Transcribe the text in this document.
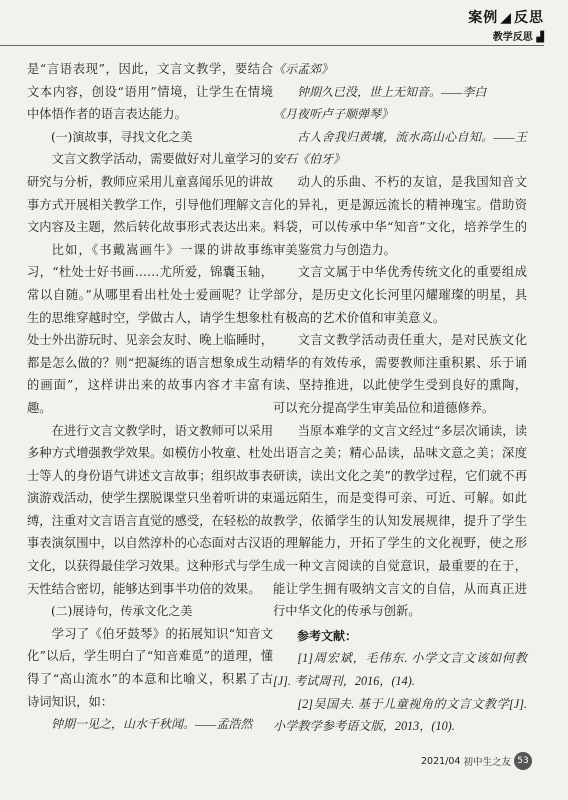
案例 ◢ 反思
教学反思 ▟

是“言语表现”，因此，文言文教学，要结合文本内容，创设“语用”情境，让学生在情境中体悟作者的语言表达能力。

(一)演故事，寻找文化之美

文言文教学活动，需要做好对儿童学习的研究与分析，教师应采用儿童喜闻乐见的讲故事方式开展相关教学工作，引导他们理解文言文内容及主题，然后转化故事形式表达出来。

比如，《书戴嵩画牛》一课的讲故事练习，“杜处士好书画……尤所爱，锦囊玉轴，常以自随。”从哪里看出杜处士爱画呢？让学生的思维穿越时空，学做古人，请学生想象杜处士外出游玩时、见亲会友时、晚上临睡时，都是怎么做的？则“把凝练的语言想象成生动的画面”，这样讲出来的故事内容才丰富有趣。

在进行文言文教学时，语文教师可以采用多种方式增强教学效果。如模仿小牧童、杜处士等人的身份语气讲述文言故事；组织故事表演游戏活动，使学生摆脱课堂只坐着听讲的束缚，注重对文言语言直觉的感受，在轻松的故事表演氛围中，以自然淳朴的心态面对古汉语文化，以获得最佳学习效果。这种形式与学生天性结合密切，能够达到事半功倍的效果。

(二)展诗句，传承文化之美

学习了《伯牙鼓琴》的拓展知识“知音文化”以后，学生明白了“知音难觅”的道理，懂得了“高山流水”的本意和比喻义，积累了古诗词知识，如：

钟期一见之，山水千秋闻。——孟浩然

《示孟郊》

钟期久已没，世上无知音。——李白

《月夜听卢子顺弹琴》

古人舍我归黄壤，流水高山心自知。——王安石《伯牙》

动人的乐曲、不朽的友谊，是我国知音文化的异礼，更是源远流长的精神瑰宝。借助资料袋，可以传承中华“知音”文化，培养学生的审美鉴赏力与创造力。

文言文属于中华优秀传统文化的重要组成部分，是历史文化长河里闪耀璀璨的明星，具有极高的艺术价值和审美意义。

文言文教学活动责任重大，是对民族文化精华的有效传承，需要教师注重积累、乐于诵读、坚持推进，以此使学生受到良好的熏陶，可以充分提高学生审美品位和道德修养。

当原本难学的文言文经过“多层次诵读，读出语言之美；精心品读，品味文意之美；深度研读，读出文化之美”的教学过程，它们就不再遥远陌生，而是变得可亲、可近、可解。如此教学，依循学生的认知发展规律，提升了学生的理解能力，开拓了学生的文化视野，使之形成一种文言阅读的自觉意识，最重要的在于，能让学生拥有吸纳文言文的自信，从而真正进行中华文化的传承与创新。

参考文献：

[1]周宏斌，毛伟东. 小学文言文该如何教[J]. 考试周刊，2016，(14).

[2]吴国夫. 基于儿童视角的文言文教学[J]. 小学教学参考语文版，2013，(10).

2021/04 初中生之友 53
